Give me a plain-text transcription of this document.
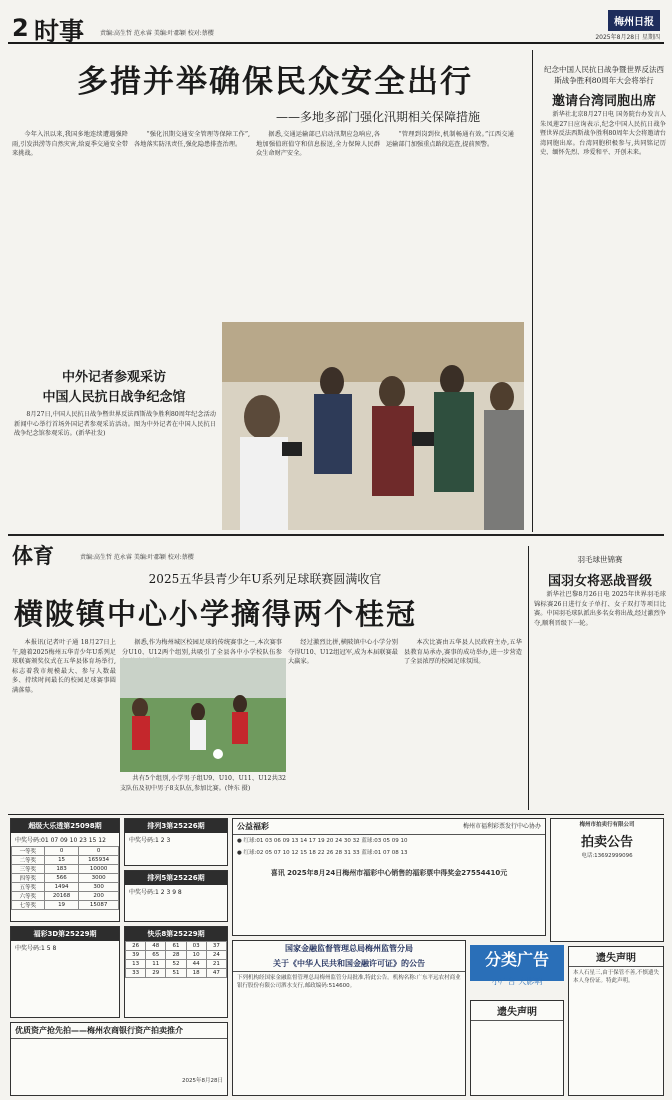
2 时事	责编:高生哲 范永睿 美编:叶郡颖 校对:蔡樱
梅州日报
2025年8月28日 星期四
多措并举确保民众安全出行
——多地多部门强化汛期相关保障措施

今年入汛以来,我国多地连续遭遇强降雨,引发洪涝等自然灾害,给夏季交通安全带来挑战。

“强化汛期交通安全管理等保障工作”,各地落实防汛责任,强化隐患排查治理。

据悉,交通运输部已启动汛期应急响应,各地加强值班值守和信息报送,全力保障人民群众生命财产安全。

“管理到岗到位,机制畅通有效。”江西交通运输部门加强重点路段巡查,提前预警。

纪念中国人民抗日战争暨世界反法西斯战争胜利80周年大会将举行
邀请台湾同胞出席

新华社北京8月27日电 国务院台办发言人朱凤莲27日应询表示,纪念中国人民抗日战争暨世界反法西斯战争胜利80周年大会将邀请台湾同胞出席。台湾同胞积极参与,共同铭记历史、缅怀先烈、珍爱和平、开创未来。

中外记者参观采访
中国人民抗日战争纪念馆

8月27日,中国人民抗日战争暨世界反法西斯战争胜利80周年纪念活动新闻中心举行首场外国记者参观采访活动。图为中外记者在中国人民抗日战争纪念馆参观采访。(新华社发)

体育	责编:高生哲 范永睿 美编:叶郡颖 校对:蔡樱
2025五华县青少年U系列足球联赛圆满收官
横陂镇中心小学摘得两个桂冠

本报讯(记者叶子通 18月27日上午,随着2025梅州五华青少年U系列足球联赛颁奖仪式在五华县体育场举行,标志着我市规模最大、参与人数最多、持续时间最长的校园足球赛事圆满落幕。

据悉,作为梅州城区校园足球的传统赛事之一,本次赛事分U10、U12两个组别,共吸引了全县各中小学校队伍参

经过激烈比拼,横陂镇中心小学分别夺得U10、U12组冠军,成为本届联赛最大赢家。

本次比赛由五华县人民政府主办,五华县教育局承办,赛事的成功举办,进一步营造了全县浓厚的校园足球氛围。

共有5个组别,小学男子组U9、U10、U11、U12共32支队伍及初中男子8支队伍,参加比赛。(钟东 摄)

羽毛球世锦赛
国羽女将恶战晋级

新华社巴黎8月26日电 2025年世界羽毛球锦标赛26日进行女子单打、女子双打等项目比赛。中国羽毛球队派出多名女将出战,经过激烈争夺,顺利晋级下一轮。

超级大乐透第25098期
中奖号码:01 07 09 10 23 15 12
一等奖	0	0
二等奖	15	165934
三等奖	183	10000
四等奖	566	3000
五等奖	1494	300
六等奖	20168	200
七等奖	19	15087
排列3第25226期
中奖号码:1 2 3
排列5第25226期
中奖号码:1 2 3 9 8
福彩3D第25229期
中奖号码:1 5 8
快乐8第25229期
26	48	61	03	37
39	65	28	10	24
13	11	52	44	21
33	29	51	18	47
公益福彩	梅州市福利彩票发行中心协办
● 红球:01 03 06 09 13 14 17 19 20 24 30 32 蓝球:03 05 09 10
● 红球:02 05 07 10 12 15 18 22 26 28 31 33 蓝球:01 07 08 13
喜讯 2025年8月24日梅州市福彩中心销售的福彩票中得奖金27554410元
梅州市拍卖行有限公司
拍卖公告
电话:13692999096
优质资产抢先拍——梅州农商银行资产拍卖推介
2025年8月28日
国家金融监督管理总局梅州监管分局
关于《中华人民共和国金融许可证》的公告
下列机构经国家金融监督管理总局梅州监管分局批准,特此公告。机构名称:广东平远农村商业银行股份有限公司泗水支行,邮政编码:514600。
分类广告
小广告 大影响
遗失声明
遗失声明
本人石星三,由于保管不善,不慎遗失本人身份证。特此声明。
